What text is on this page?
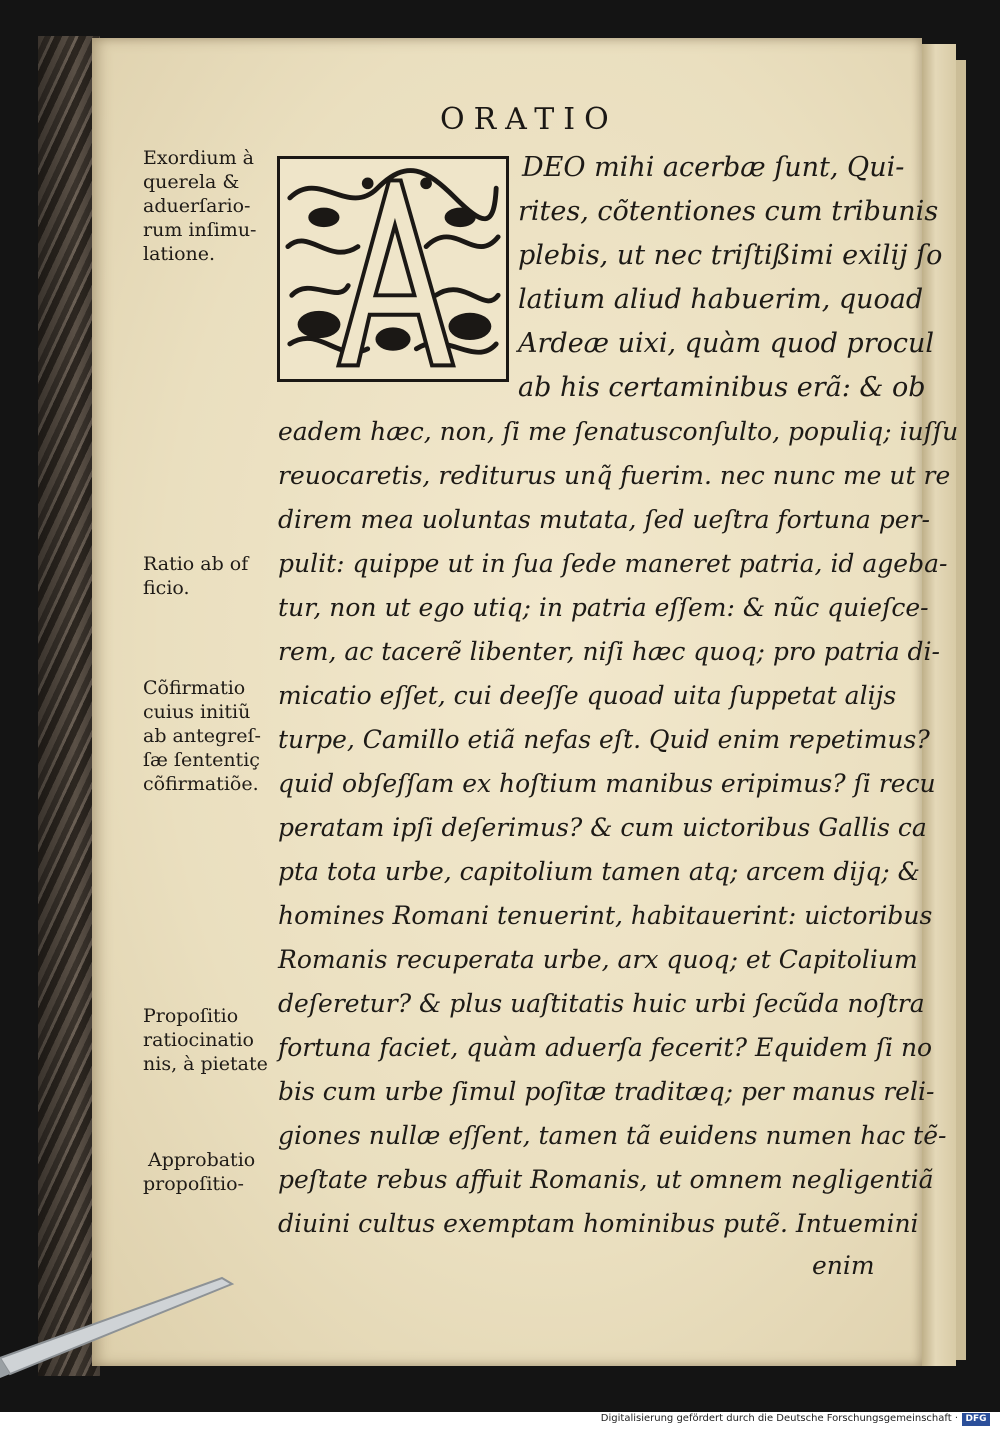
ORATIO
DEO mihi acerbæ ſunt, Qui-
rites, cõtentiones cum tribunis
plebis, ut nec triſtißimi exilij ſo
latium aliud habuerim, quoad
Ardeæ uixi, quàm quod procul
ab his certaminibus erã: & ob
eadem hæc, non, ſi me ſenatusconſulto, populiq; iuſſu
reuocaretis, rediturus unq̃ fuerim. nec nunc me ut re
direm mea uoluntas mutata, ſed ueſtra fortuna per-
pulit: quippe ut in ſua ſede maneret patria, id ageba-
tur, non ut ego utiq; in patria eſſem: & nũc quieſce-
rem, ac tacerẽ libenter, niſi hæc quoq; pro patria di-
micatio eſſet, cui deeſſe quoad uita ſuppetat alijs
turpe, Camillo etiã nefas eſt. Quid enim repetimus?
quid obſeſſam ex hoſtium manibus eripimus? ſi recu
peratam ipſi deſerimus? & cum uictoribus Gallis ca
pta tota urbe, capitolium tamen atq; arcem dijq; &
homines Romani tenuerint, habitauerint: uictoribus
Romanis recuperata urbe, arx quoq; et Capitolium
deſeretur? & plus uaſtitatis huic urbi ſecũda noſtra
fortuna faciet, quàm aduerſa fecerit? Equidem ſi no
bis cum urbe ſimul poſitæ traditæq; per manus reli-
giones nullæ eſſent, tamen tã euidens numen hac tẽ-
peſtate rebus affuit Romanis, ut omnem negligentiã
diuini cultus exemptam hominibus putẽ. Intuemini
enim
Exordium à
querela &
aduerſario-
rum inſimu-
latione.
Ratio ab of
ficio.
Cõfirmatio
cuius initiũ
ab antegreſ-
ſæ ſententiç
cõfirmatiõe.
Propoſitio
ratiocinatio
nis, à pietate
Approbatio
propoſitio-
Digitalisierung gefördert durch die Deutsche Forschungsgemeinschaft · DFG
